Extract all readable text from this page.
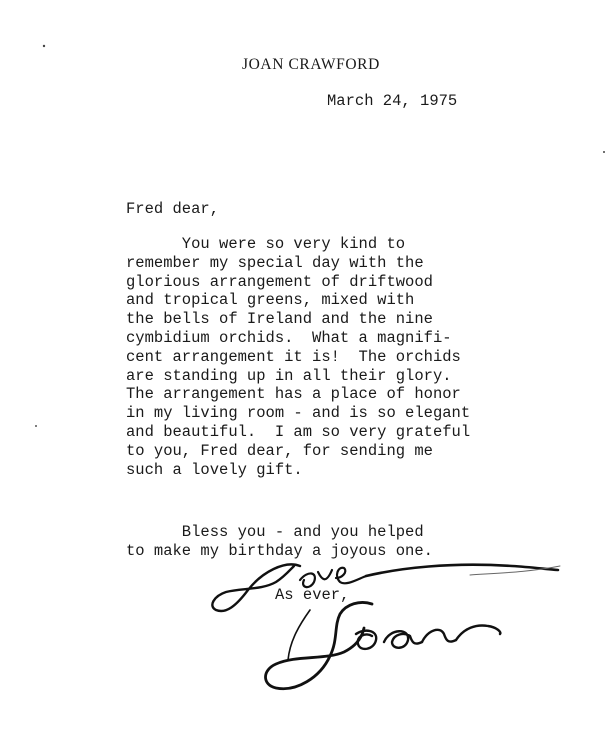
JOAN CRAWFORD
March 24, 1975
Fred dear,
You were so very kind to
remember my special day with the
glorious arrangement of driftwood
and tropical greens, mixed with
the bells of Ireland and the nine
cymbidium orchids.  What a magnifi-
cent arrangement it is!  The orchids
are standing up in all their glory.
The arrangement has a place of honor
in my living room - and is so elegant
and beautiful.  I am so very grateful
to you, Fred dear, for sending me
such a lovely gift.
Bless you - and you helped
to make my birthday a joyous one.
As ever,
